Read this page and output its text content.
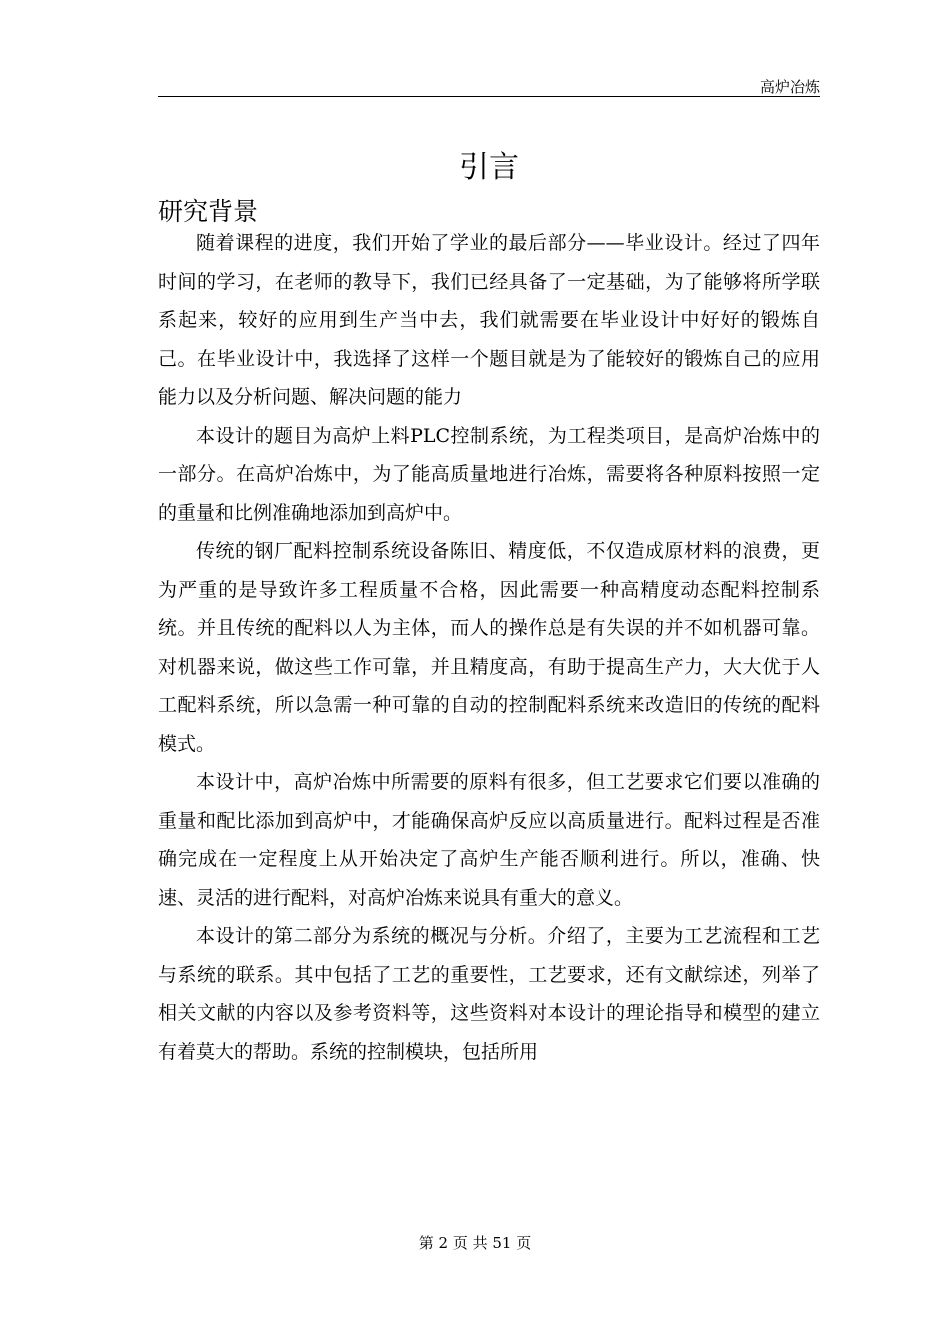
高炉冶炼
引言
研究背景

随着课程的进度，我们开始了学业的最后部分——毕业设计。经过了四年时间的学习，在老师的教导下，我们已经具备了一定基础，为了能够将所学联系起来，较好的应用到生产当中去，我们就需要在毕业设计中好好的锻炼自己。在毕业设计中，我选择了这样一个题目就是为了能较好的锻炼自己的应用能力以及分析问题、解决问题的能力

本设计的题目为高炉上料PLC控制系统，为工程类项目，是高炉冶炼中的一部分。在高炉冶炼中，为了能高质量地进行冶炼，需要将各种原料按照一定的重量和比例准确地添加到高炉中。

传统的钢厂配料控制系统设备陈旧、精度低，不仅造成原材料的浪费，更为严重的是导致许多工程质量不合格，因此需要一种高精度动态配料控制系统。并且传统的配料以人为主体，而人的操作总是有失误的并不如机器可靠。对机器来说，做这些工作可靠，并且精度高，有助于提高生产力，大大优于人工配料系统，所以急需一种可靠的自动的控制配料系统来改造旧的传统的配料模式。

本设计中，高炉冶炼中所需要的原料有很多，但工艺要求它们要以准确的重量和配比添加到高炉中，才能确保高炉反应以高质量进行。配料过程是否准确完成在一定程度上从开始决定了高炉生产能否顺利进行。所以，准确、快速、灵活的进行配料，对高炉冶炼来说具有重大的意义。

本设计的第二部分为系统的概况与分析。介绍了，主要为工艺流程和工艺与系统的联系。其中包括了工艺的重要性，工艺要求，还有文献综述，列举了相关文献的内容以及参考资料等，这些资料对本设计的理论指导和模型的建立有着莫大的帮助。系统的控制模块，包括所用

第 2 页 共 51 页
